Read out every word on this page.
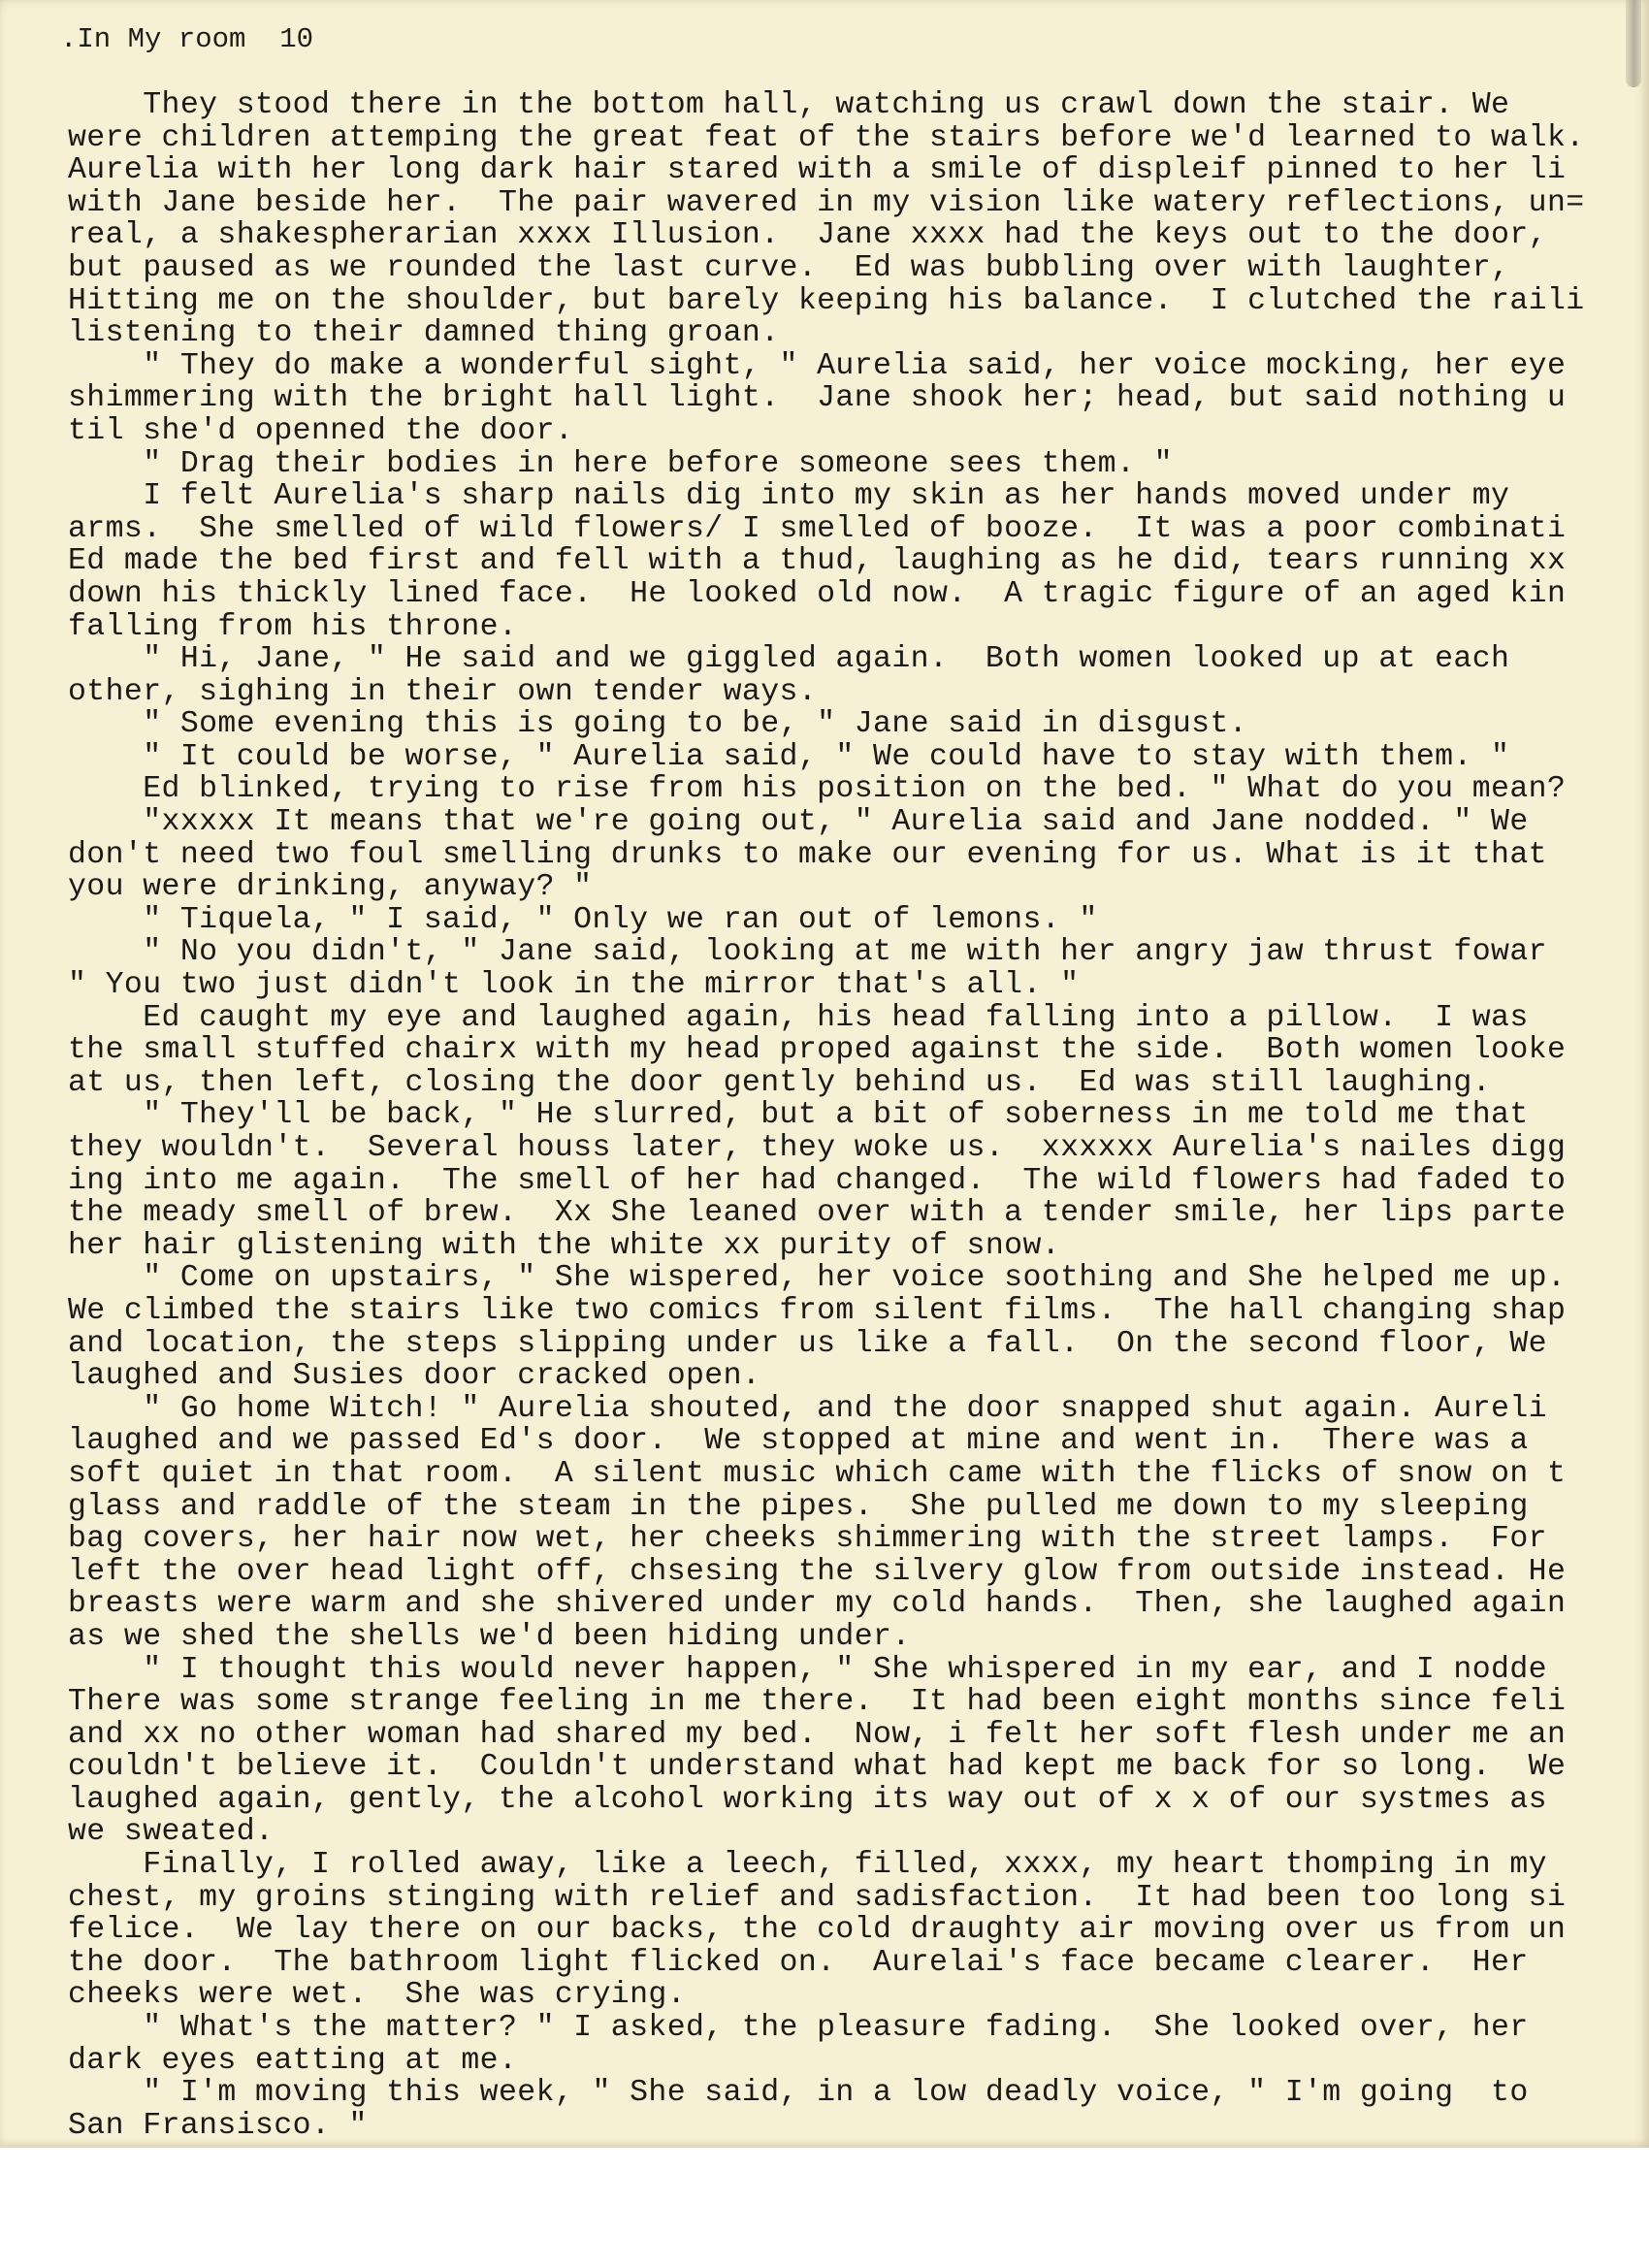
.In My room  10
They stood there in the bottom hall, watching us crawl down the stair. We
were children attemping the great feat of the stairs before we'd learned to walk.
Aurelia with her long dark hair stared with a smile of displeif pinned to her li
with Jane beside her.  The pair wavered in my vision like watery reflections, un=
real, a shakespherarian xxxx Illusion.  Jane xxxx had the keys out to the door,
but paused as we rounded the last curve.  Ed was bubbling over with laughter,
Hitting me on the shoulder, but barely keeping his balance.  I clutched the raili
listening to their damned thing groan.
" They do make a wonderful sight, " Aurelia said, her voice mocking, her eye
shimmering with the bright hall light.  Jane shook her; head, but said nothing u
til she'd openned the door.
" Drag their bodies in here before someone sees them. "
I felt Aurelia's sharp nails dig into my skin as her hands moved under my
arms.  She smelled of wild flowers/ I smelled of booze.  It was a poor combinati
Ed made the bed first and fell with a thud, laughing as he did, tears running xx
down his thickly lined face.  He looked old now.  A tragic figure of an aged kin
falling from his throne.
" Hi, Jane, " He said and we giggled again.  Both women looked up at each
other, sighing in their own tender ways.
" Some evening this is going to be, " Jane said in disgust.
" It could be worse, " Aurelia said, " We could have to stay with them. "
Ed blinked, trying to rise from his position on the bed. " What do you mean?
"xxxxx It means that we're going out, " Aurelia said and Jane nodded. " We
don't need two foul smelling drunks to make our evening for us. What is it that
you were drinking, anyway? "
" Tiquela, " I said, " Only we ran out of lemons. "
" No you didn't, " Jane said, looking at me with her angry jaw thrust fowar
" You two just didn't look in the mirror that's all. "
Ed caught my eye and laughed again, his head falling into a pillow.  I was
the small stuffed chairx with my head proped against the side.  Both women looke
at us, then left, closing the door gently behind us.  Ed was still laughing.
" They'll be back, " He slurred, but a bit of soberness in me told me that
they wouldn't.  Several houss later, they woke us.  xxxxxx Aurelia's nailes digg
ing into me again.  The smell of her had changed.  The wild flowers had faded to
the meady smell of brew.  Xx She leaned over with a tender smile, her lips parte
her hair glistening with the white xx purity of snow.
" Come on upstairs, " She wispered, her voice soothing and She helped me up.
We climbed the stairs like two comics from silent films.  The hall changing shap
and location, the steps slipping under us like a fall.  On the second floor, We
laughed and Susies door cracked open.
" Go home Witch! " Aurelia shouted, and the door snapped shut again. Aureli
laughed and we passed Ed's door.  We stopped at mine and went in.  There was a
soft quiet in that room.  A silent music which came with the flicks of snow on t
glass and raddle of the steam in the pipes.  She pulled me down to my sleeping
bag covers, her hair now wet, her cheeks shimmering with the street lamps.  For
left the over head light off, chsesing the silvery glow from outside instead. He
breasts were warm and she shivered under my cold hands.  Then, she laughed again
as we shed the shells we'd been hiding under.
" I thought this would never happen, " She whispered in my ear, and I nodde
There was some strange feeling in me there.  It had been eight months since feli
and xx no other woman had shared my bed.  Now, i felt her soft flesh under me an
couldn't believe it.  Couldn't understand what had kept me back for so long.  We
laughed again, gently, the alcohol working its way out of x x of our systmes as
we sweated.
Finally, I rolled away, like a leech, filled, xxxx, my heart thomping in my
chest, my groins stinging with relief and sadisfaction.  It had been too long si
felice.  We lay there on our backs, the cold draughty air moving over us from un
the door.  The bathroom light flicked on.  Aurelai's face became clearer.  Her
cheeks were wet.  She was crying.
" What's the matter? " I asked, the pleasure fading.  She looked over, her
dark eyes eatting at me.
" I'm moving this week, " She said, in a low deadly voice, " I'm going  to
San Fransisco. "
